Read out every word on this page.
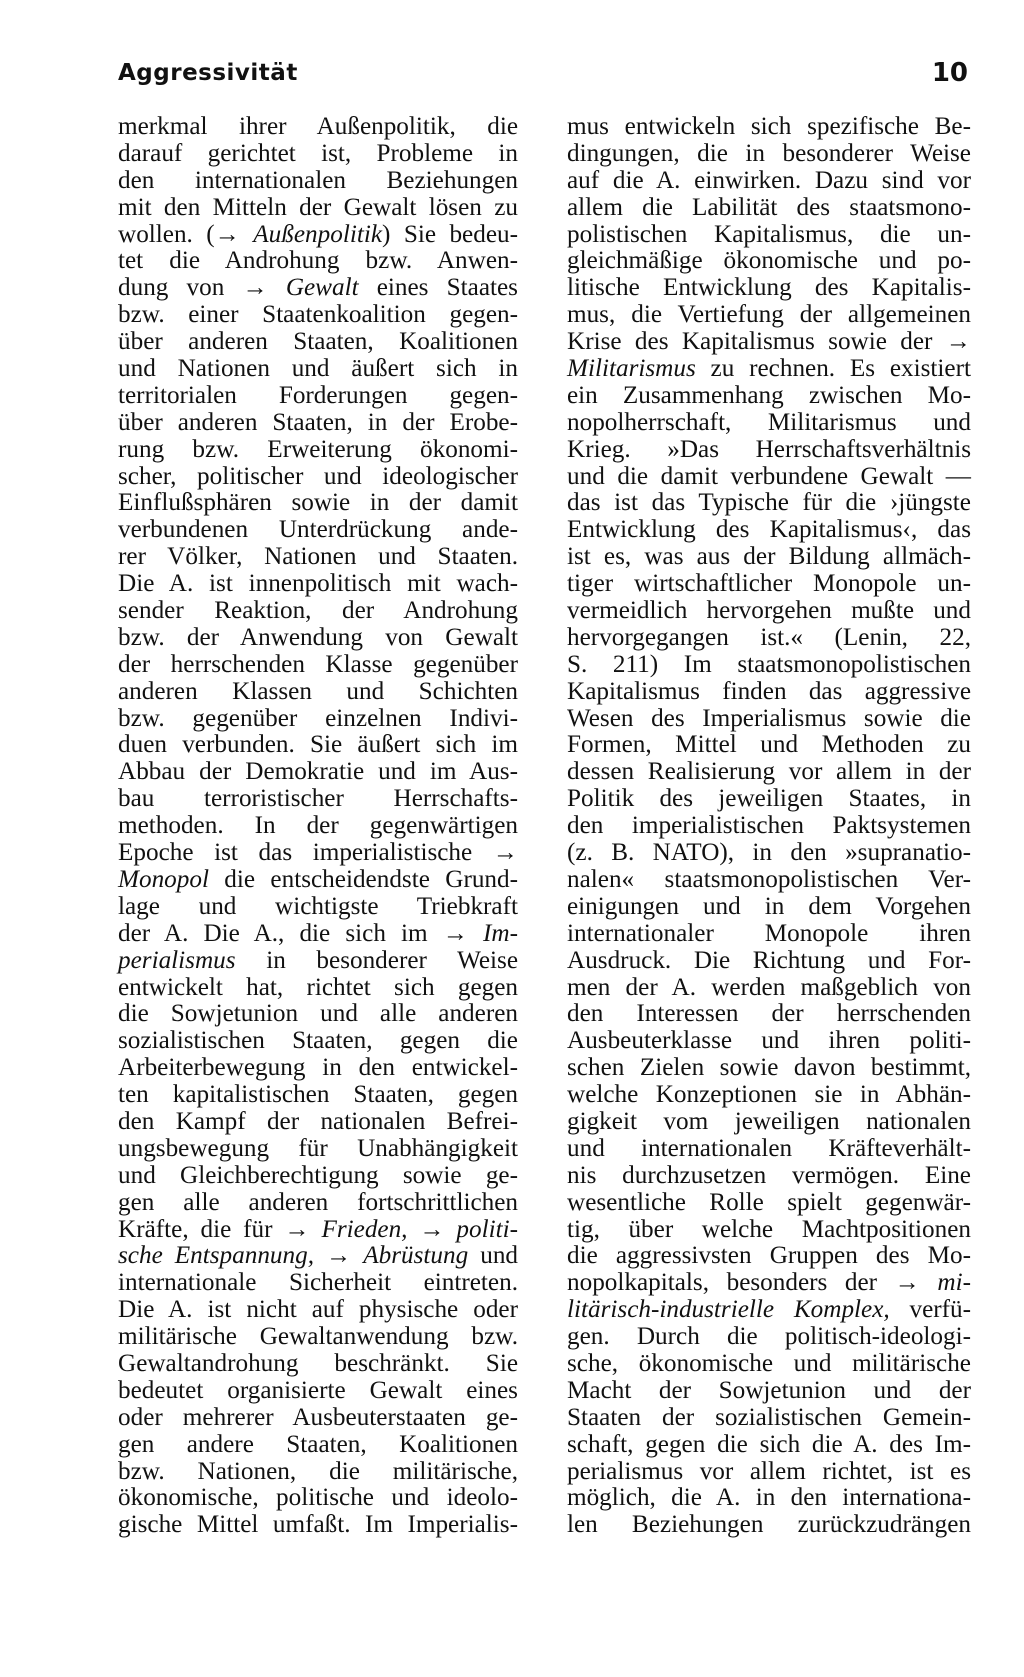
Aggressivität	10
merkmal ihrer Außenpolitik, die
darauf gerichtet ist, Probleme in
den internationalen Beziehungen
mit den Mitteln der Gewalt lösen zu
wollen. (→ Außenpolitik) Sie bedeu-
tet die Androhung bzw. Anwen-
dung von → Gewalt eines Staates
bzw. einer Staatenkoalition gegen-
über anderen Staaten, Koalitionen
und Nationen und äußert sich in
territorialen Forderungen gegen-
über anderen Staaten, in der Erobe-
rung bzw. Erweiterung ökonomi-
scher, politischer und ideologischer
Einflußsphären sowie in der damit
verbundenen Unterdrückung ande-
rer Völker, Nationen und Staaten.
Die A. ist innenpolitisch mit wach-
sender Reaktion, der Androhung
bzw. der Anwendung von Gewalt
der herrschenden Klasse gegenüber
anderen Klassen und Schichten
bzw. gegenüber einzelnen Indivi-
duen verbunden. Sie äußert sich im
Abbau der Demokratie und im Aus-
bau terroristischer Herrschafts-
methoden. In der gegenwärtigen
Epoche ist das imperialistische →
Monopol die entscheidendste Grund-
lage und wichtigste Triebkraft
der A. Die A., die sich im → Im-
perialismus in besonderer Weise
entwickelt hat, richtet sich gegen
die Sowjetunion und alle anderen
sozialistischen Staaten, gegen die
Arbeiterbewegung in den entwickel-
ten kapitalistischen Staaten, gegen
den Kampf der nationalen Befrei-
ungsbewegung für Unabhängigkeit
und Gleichberechtigung sowie ge-
gen alle anderen fortschrittlichen
Kräfte, die für → Frieden, → politi-
sche Entspannung, → Abrüstung und
internationale Sicherheit eintreten.
Die A. ist nicht auf physische oder
militärische Gewaltanwendung bzw.
Gewaltandrohung beschränkt. Sie
bedeutet organisierte Gewalt eines
oder mehrerer Ausbeuterstaaten ge-
gen andere Staaten, Koalitionen
bzw. Nationen, die militärische,
ökonomische, politische und ideolo-
gische Mittel umfaßt. Im Imperialis-
mus entwickeln sich spezifische Be-
dingungen, die in besonderer Weise
auf die A. einwirken. Dazu sind vor
allem die Labilität des staatsmono-
polistischen Kapitalismus, die un-
gleichmäßige ökonomische und po-
litische Entwicklung des Kapitalis-
mus, die Vertiefung der allgemeinen
Krise des Kapitalismus sowie der →
Militarismus zu rechnen. Es existiert
ein Zusammenhang zwischen Mo-
nopolherrschaft, Militarismus und
Krieg. »Das Herrschaftsverhältnis
und die damit verbundene Gewalt —
das ist das Typische für die ›jüngste
Entwicklung des Kapitalismus‹, das
ist es, was aus der Bildung allmäch-
tiger wirtschaftlicher Monopole un-
vermeidlich hervorgehen mußte und
hervorgegangen ist.« (Lenin, 22,
S. 211) Im staatsmonopolistischen
Kapitalismus finden das aggressive
Wesen des Imperialismus sowie die
Formen, Mittel und Methoden zu
dessen Realisierung vor allem in der
Politik des jeweiligen Staates, in
den imperialistischen Paktsystemen
(z. B. NATO), in den »supranatio-
nalen« staatsmonopolistischen Ver-
einigungen und in dem Vorgehen
internationaler Monopole ihren
Ausdruck. Die Richtung und For-
men der A. werden maßgeblich von
den Interessen der herrschenden
Ausbeuterklasse und ihren politi-
schen Zielen sowie davon bestimmt,
welche Konzeptionen sie in Abhän-
gigkeit vom jeweiligen nationalen
und internationalen Kräfteverhält-
nis durchzusetzen vermögen. Eine
wesentliche Rolle spielt gegenwär-
tig, über welche Machtpositionen
die aggressivsten Gruppen des Mo-
nopolkapitals, besonders der → mi-
litärisch-industrielle Komplex, verfü-
gen. Durch die politisch-ideologi-
sche, ökonomische und militärische
Macht der Sowjetunion und der
Staaten der sozialistischen Gemein-
schaft, gegen die sich die A. des Im-
perialismus vor allem richtet, ist es
möglich, die A. in den internationa-
len Beziehungen zurückzudrängen
